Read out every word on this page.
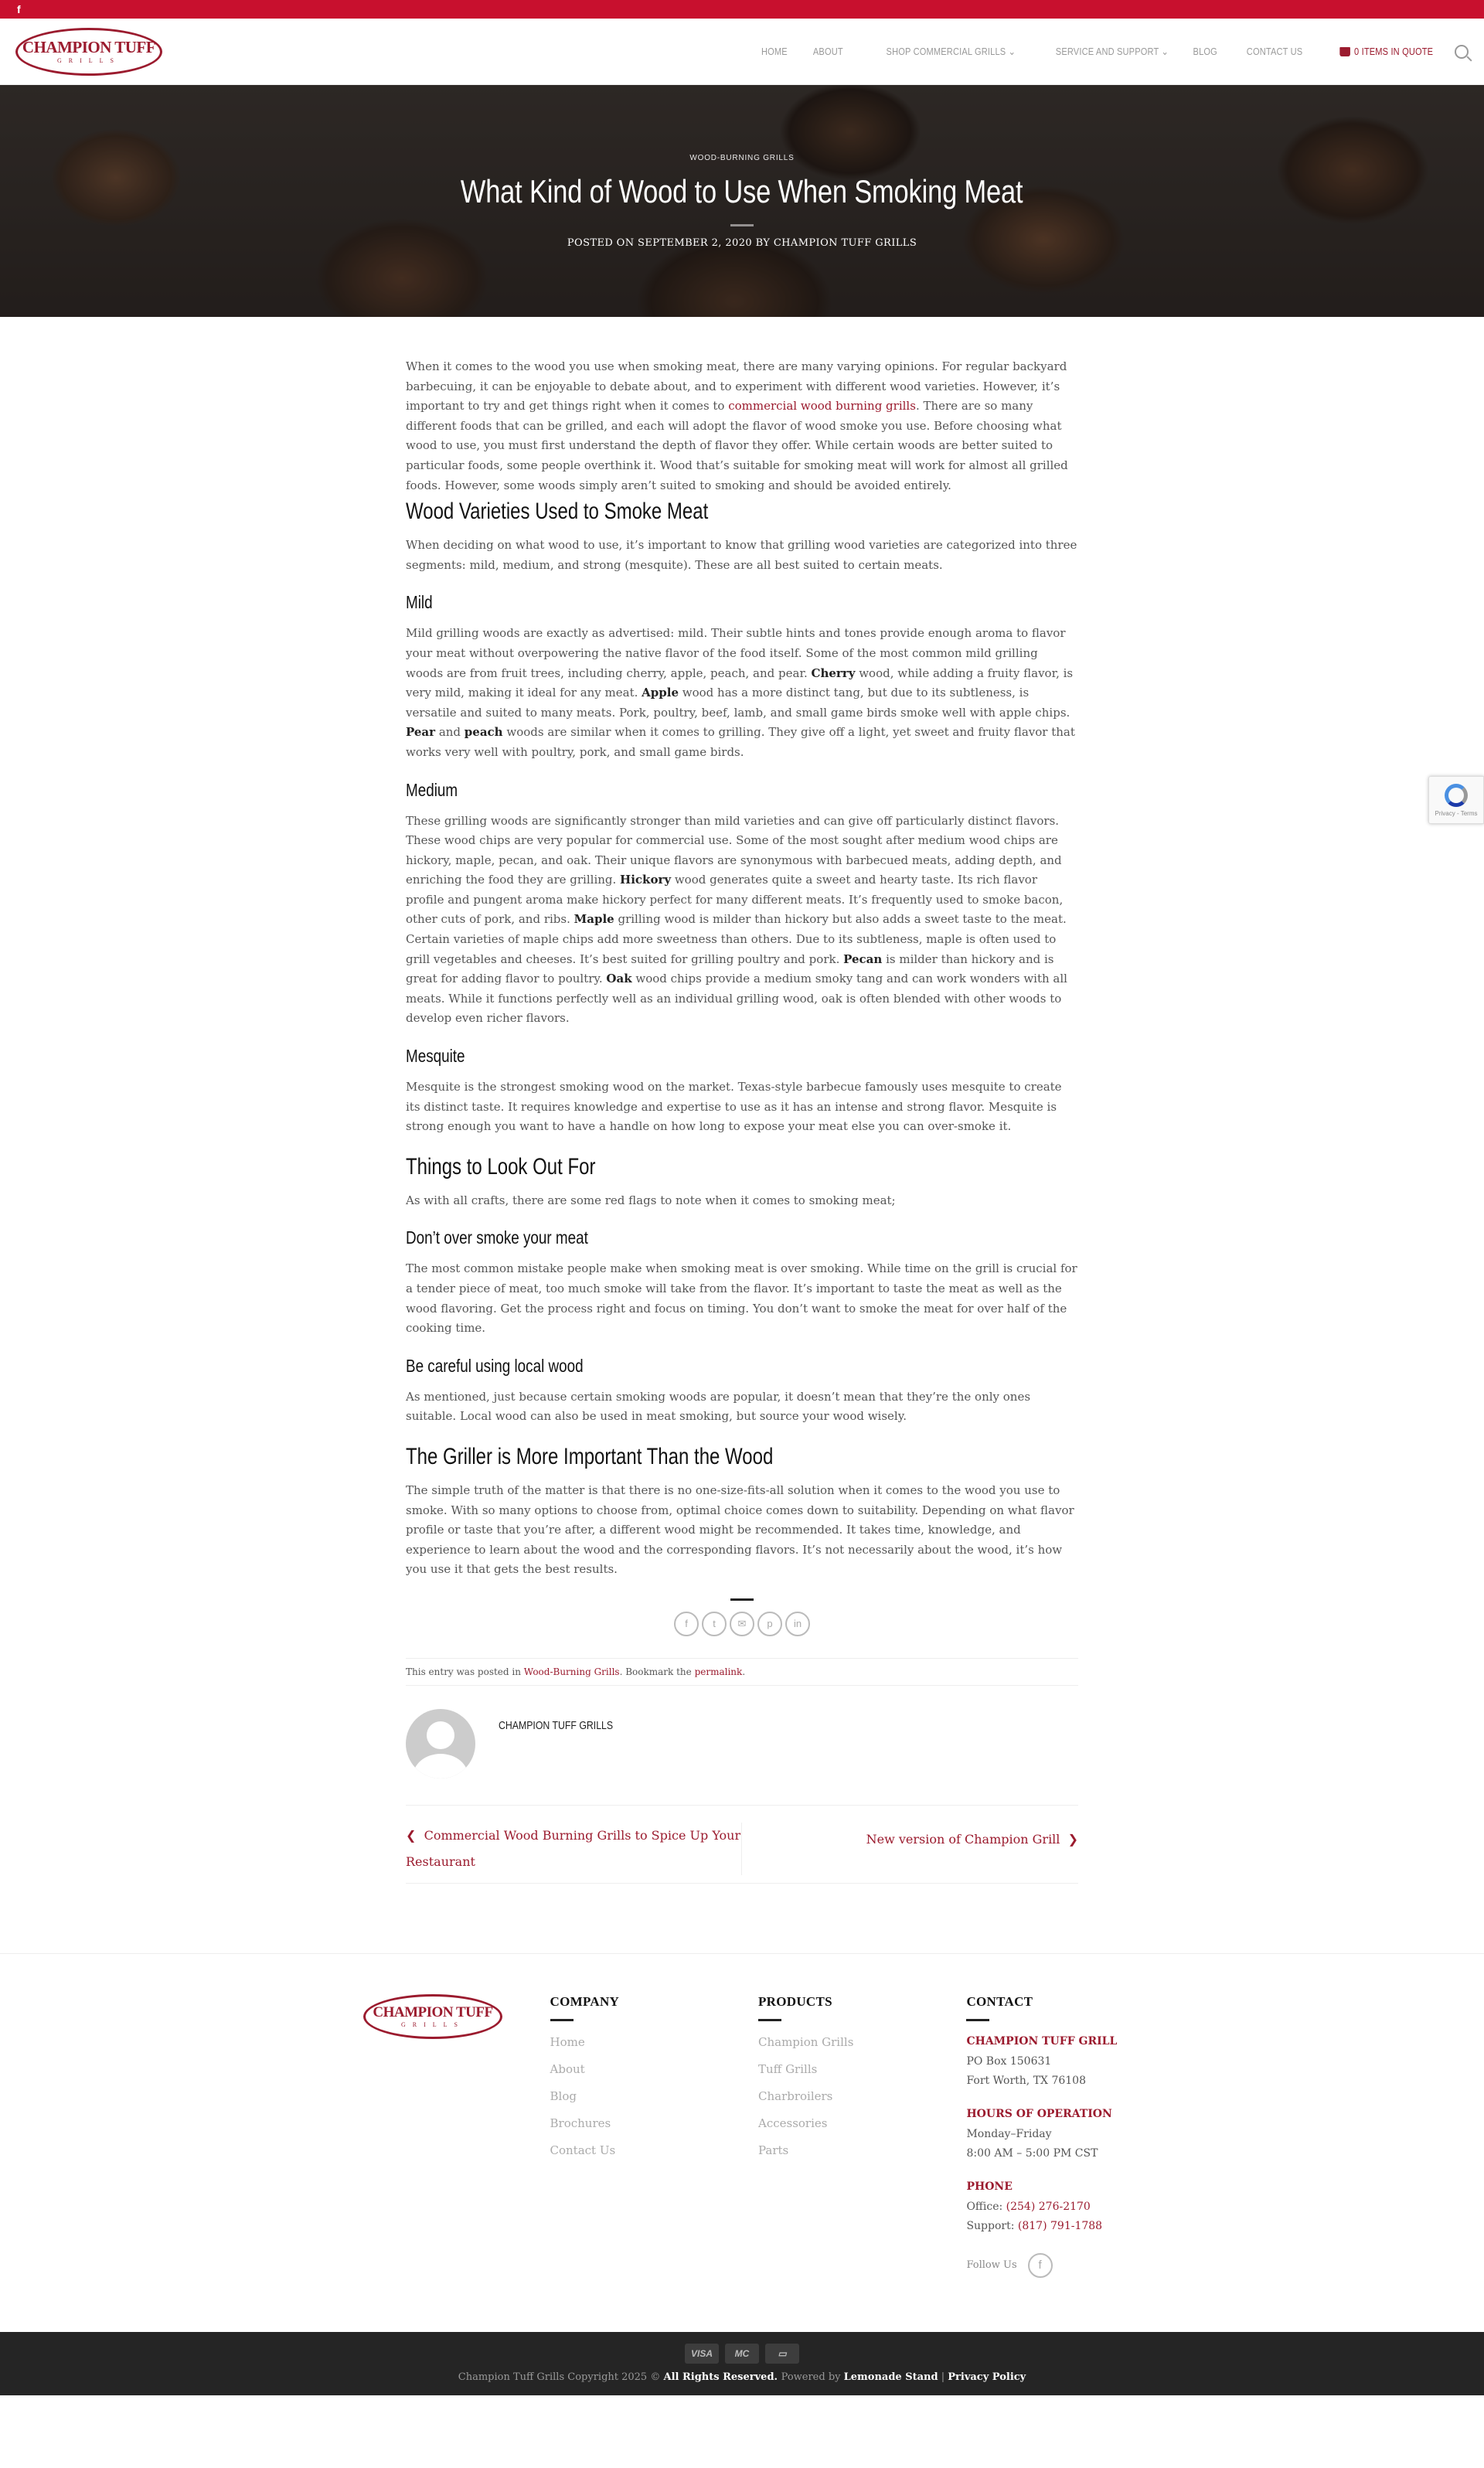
f
CHAMPION TUFF
GRILLS
HOME	ABOUT	SHOP COMMERCIAL GRILLS ⌄	SERVICE AND SUPPORT ⌄ BLOG	CONTACT US	0 ITEMS IN QUOTE
WOOD-BURNING GRILLS
What Kind of Wood to Use When Smoking Meat
POSTED ON SEPTEMBER 2, 2020 BY CHAMPION TUFF GRILLS

When it comes to the wood you use when smoking meat, there are many varying opinions. For regular backyard barbecuing, it can be enjoyable to debate about, and to experiment with different wood varieties. However, it’s important to try and get things right when it comes to commercial wood burning grills. There are so many different foods that can be grilled, and each will adopt the flavor of wood smoke you use. Before choosing what wood to use, you must first understand the depth of flavor they offer. While certain woods are better suited to particular foods, some people overthink it. Wood that’s suitable for smoking meat will work for almost all grilled foods. However, some woods simply aren’t suited to smoking and should be avoided entirely.

Wood Varieties Used to Smoke Meat

When deciding on what wood to use, it’s important to know that grilling wood varieties are categorized into three segments: mild, medium, and strong (mesquite). These are all best suited to certain meats.

Mild

Mild grilling woods are exactly as advertised: mild. Their subtle hints and tones provide enough aroma to flavor your meat without overpowering the native flavor of the food itself. Some of the most common mild grilling woods are from fruit trees, including cherry, apple, peach, and pear. Cherry wood, while adding a fruity flavor, is very mild, making it ideal for any meat. Apple wood has a more distinct tang, but due to its subtleness, is versatile and suited to many meats. Pork, poultry, beef, lamb, and small game birds smoke well with apple chips. Pear and peach woods are similar when it comes to grilling. They give off a light, yet sweet and fruity flavor that works very well with poultry, pork, and small game birds.

Medium

These grilling woods are significantly stronger than mild varieties and can give off particularly distinct flavors. These wood chips are very popular for commercial use. Some of the most sought after medium wood chips are hickory, maple, pecan, and oak. Their unique flavors are synonymous with barbecued meats, adding depth, and enriching the food they are grilling. Hickory wood generates quite a sweet and hearty taste. Its rich flavor profile and pungent aroma make hickory perfect for many different meats. It’s frequently used to smoke bacon, other cuts of pork, and ribs. Maple grilling wood is milder than hickory but also adds a sweet taste to the meat. Certain varieties of maple chips add more sweetness than others. Due to its subtleness, maple is often used to grill vegetables and cheeses. It’s best suited for grilling poultry and pork. Pecan is milder than hickory and is great for adding flavor to poultry. Oak wood chips provide a medium smoky tang and can work wonders with all meats. While it functions perfectly well as an individual grilling wood, oak is often blended with other woods to develop even richer flavors.

Mesquite

Mesquite is the strongest smoking wood on the market. Texas-style barbecue famously uses mesquite to create its distinct taste. It requires knowledge and expertise to use as it has an intense and strong flavor. Mesquite is strong enough you want to have a handle on how long to expose your meat else you can over-smoke it.

Things to Look Out For

As with all crafts, there are some red flags to note when it comes to smoking meat;

Don’t over smoke your meat

The most common mistake people make when smoking meat is over smoking. While time on the grill is crucial for a tender piece of meat, too much smoke will take from the flavor. It’s important to taste the meat as well as the wood flavoring. Get the process right and focus on timing. You don’t want to smoke the meat for over half of the cooking time.

Be careful using local wood

As mentioned, just because certain smoking woods are popular, it doesn’t mean that they’re the only ones suitable. Local wood can also be used in meat smoking, but source your wood wisely.

The Griller is More Important Than the Wood

The simple truth of the matter is that there is no one-size-fits-all solution when it comes to the wood you use to smoke. With so many options to choose from, optimal choice comes down to suitability. Depending on what flavor profile or taste that you’re after, a different wood might be recommended. It takes time, knowledge, and experience to learn about the wood and the corresponding flavors. It’s not necessarily about the wood, it’s how you use it that gets the best results.

f	t	✉	p	in
This entry was posted in Wood-Burning Grills. Bookmark the permalink.
CHAMPION TUFF GRILLS
❮  Commercial Wood Burning Grills to Spice Up Your Restaurant
New version of Champion Grill  ❯
CHAMPION TUFF
GRILLS
COMPANY
Home
About
Blog
Brochures
Contact Us
PRODUCTS
Champion Grills
Tuff Grills
Charbroilers
Accessories
Parts
CONTACT
CHAMPION TUFF GRILL
PO Box 150631
Fort Worth, TX 76108
HOURS OF OPERATION
Monday–Friday
8:00 AM – 5:00 PM CST
PHONE
Office: (254) 276-2170
Support: (817) 791-1788
Follow Us	f
VISA	MC	▭
Champion Tuff Grills Copyright 2025 © All Rights Reserved. Powered by Lemonade Stand | Privacy Policy
Privacy - Terms
